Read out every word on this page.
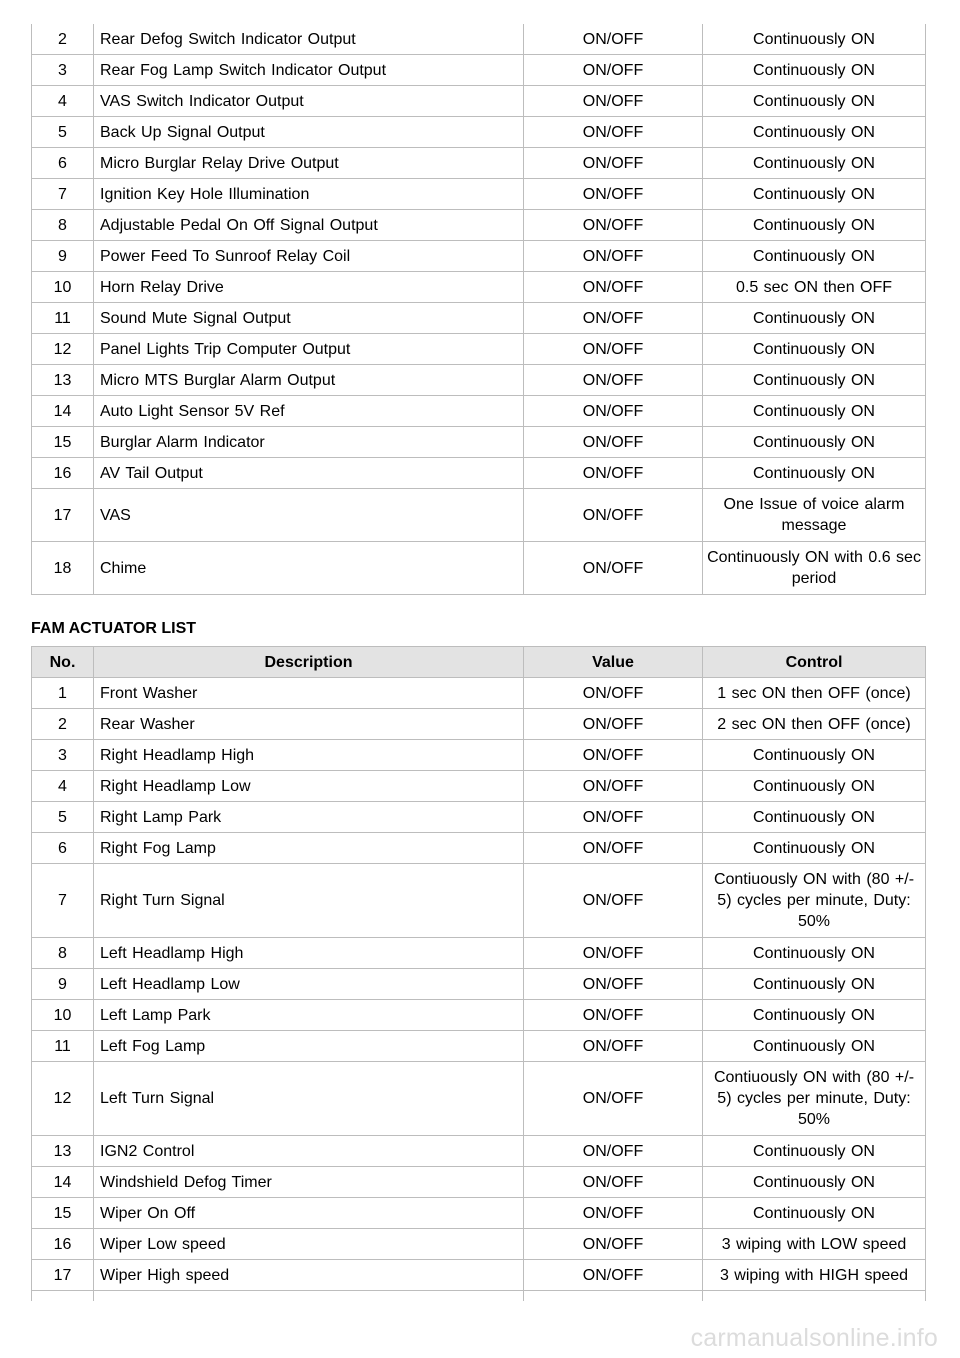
2	Rear Defog Switch Indicator Output	ON/OFF	Continuously ON
3	Rear Fog Lamp Switch Indicator Output	ON/OFF	Continuously ON
4	VAS Switch Indicator Output	ON/OFF	Continuously ON
5	Back Up Signal Output	ON/OFF	Continuously ON
6	Micro Burglar Relay Drive Output	ON/OFF	Continuously ON
7	Ignition Key Hole Illumination	ON/OFF	Continuously ON
8	Adjustable Pedal On Off Signal Output	ON/OFF	Continuously ON
9	Power Feed To Sunroof Relay Coil	ON/OFF	Continuously ON
10	Horn Relay Drive	ON/OFF	0.5 sec ON then OFF
11	Sound Mute Signal Output	ON/OFF	Continuously ON
12	Panel Lights Trip Computer Output	ON/OFF	Continuously ON
13	Micro MTS Burglar Alarm Output	ON/OFF	Continuously ON
14	Auto Light Sensor 5V Ref	ON/OFF	Continuously ON
15	Burglar Alarm Indicator	ON/OFF	Continuously ON
16	AV Tail Output	ON/OFF	Continuously ON
17	VAS	ON/OFF	One Issue of voice alarm message
18	Chime	ON/OFF	Continuously ON with 0.6 sec period
FAM ACTUATOR LIST
No.	Description	Value	Control
1	Front Washer	ON/OFF	1 sec ON then OFF (once)
2	Rear Washer	ON/OFF	2 sec ON then OFF (once)
3	Right Headlamp High	ON/OFF	Continuously ON
4	Right Headlamp Low	ON/OFF	Continuously ON
5	Right Lamp Park	ON/OFF	Continuously ON
6	Right Fog Lamp	ON/OFF	Continuously ON
7	Right Turn Signal	ON/OFF	Contiuously ON with (80 +/- 5) cycles per minute, Duty: 50%
8	Left Headlamp High	ON/OFF	Continuously ON
9	Left Headlamp Low	ON/OFF	Continuously ON
10	Left Lamp Park	ON/OFF	Continuously ON
11	Left Fog Lamp	ON/OFF	Continuously ON
12	Left Turn Signal	ON/OFF	Contiuously ON with (80 +/- 5) cycles per minute, Duty: 50%
13	IGN2 Control	ON/OFF	Continuously ON
14	Windshield Defog Timer	ON/OFF	Continuously ON
15	Wiper On Off	ON/OFF	Continuously ON
16	Wiper Low speed	ON/OFF	3 wiping with LOW speed
17	Wiper High speed	ON/OFF	3 wiping with HIGH speed

carmanualsonline.info
